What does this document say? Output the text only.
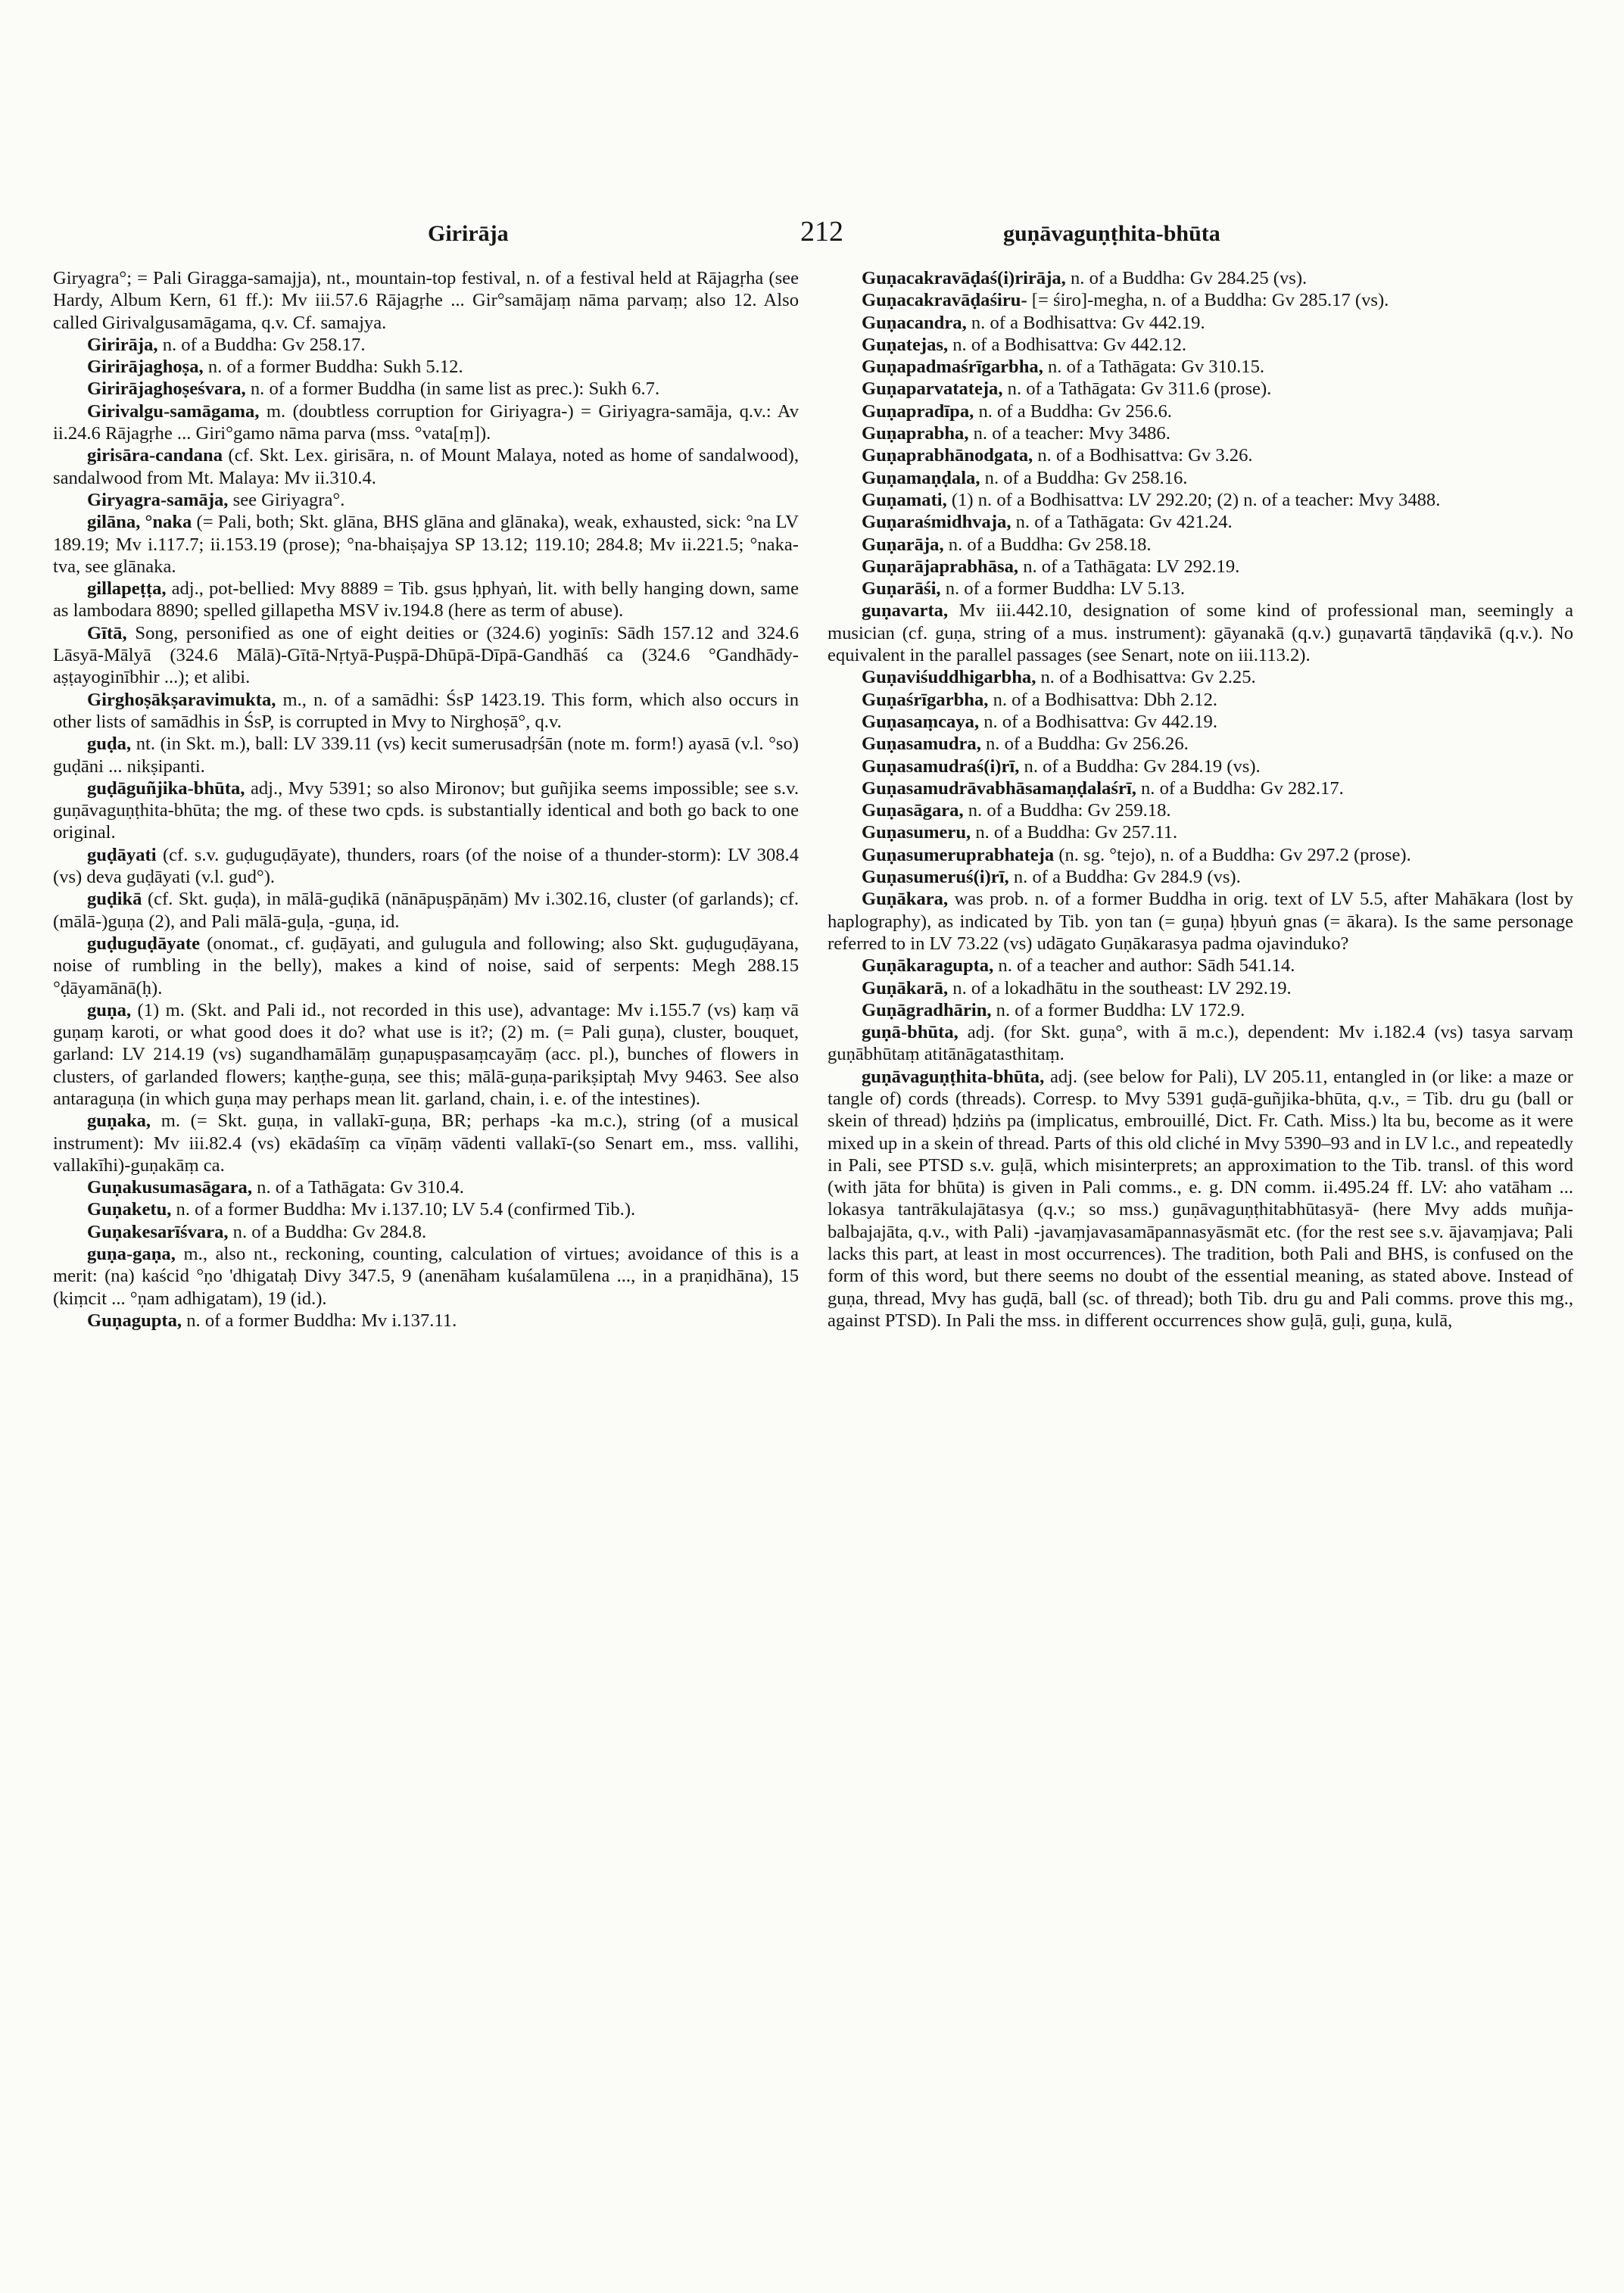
Girirāja	212	guṇāvaguṇṭhita-bhūta

Giryagra°; = Pali Giragga-samajja), nt., mountain-top festival, n. of a festival held at Rājagṛha (see Hardy, Album Kern, 61 ff.): Mv iii.57.6 Rājagṛhe ... Gir°samājaṃ nāma parvaṃ; also 12. Also called Girivalgusamāgama, q.v. Cf. samajya.

Girirāja, n. of a Buddha: Gv 258.17.

Girirājaghoṣa, n. of a former Buddha: Sukh 5.12.

Girirājaghoṣeśvara, n. of a former Buddha (in same list as prec.): Sukh 6.7.

Girivalgu-samāgama, m. (doubtless corruption for Giriyagra-) = Giriyagra-samāja, q.v.: Av ii.24.6 Rājagṛhe ... Giri°gamo nāma parva (mss. °vata[ṃ]).

girisāra-candana (cf. Skt. Lex. girisāra, n. of Mount Malaya, noted as home of sandalwood), sandalwood from Mt. Malaya: Mv ii.310.4.

Giryagra-samāja, see Giriyagra°.

gilāna, °naka (= Pali, both; Skt. glāna, BHS glāna and glānaka), weak, exhausted, sick: °na LV 189.19; Mv i.117.7; ii.153.19 (prose); °na-bhaiṣajya SP 13.12; 119.10; 284.8; Mv ii.221.5; °naka-tva, see glānaka.

gillapeṭṭa, adj., pot-bellied: Mvy 8889 = Tib. gsus ḥphyaṅ, lit. with belly hanging down, same as lambodara 8890; spelled gillapetha MSV iv.194.8 (here as term of abuse).

Gītā, Song, personified as one of eight deities or (324.6) yoginīs: Sādh 157.12 and 324.6 Lāsyā-Mālyā (324.6 Mālā)-Gītā-Nṛtyā-Puṣpā-Dhūpā-Dīpā-Gandhāś ca (324.6 °Gandhādy-aṣṭayoginībhir ...); et alibi.

Girghoṣākṣaravimukta, m., n. of a samādhi: ŚsP 1423.19. This form, which also occurs in other lists of samādhis in ŚsP, is corrupted in Mvy to Nirghoṣā°, q.v.

guḍa, nt. (in Skt. m.), ball: LV 339.11 (vs) kecit sumerusadṛśān (note m. form!) ayasā (v.l. °so) guḍāni ... nikṣipanti.

guḍāguñjika-bhūta, adj., Mvy 5391; so also Mironov; but guñjika seems impossible; see s.v. guṇāvaguṇṭhita-bhūta; the mg. of these two cpds. is substantially identical and both go back to one original.

guḍāyati (cf. s.v. guḍuguḍāyate), thunders, roars (of the noise of a thunder-storm): LV 308.4 (vs) deva guḍāyati (v.l. gud°).

guḍikā (cf. Skt. guḍa), in mālā-guḍikā (nānāpuṣpāṇām) Mv i.302.16, cluster (of garlands); cf. (mālā-)guṇa (2), and Pali mālā-guḷa, -guṇa, id.

guḍuguḍāyate (onomat., cf. guḍāyati, and gulugula and following; also Skt. guḍuguḍāyana, noise of rumbling in the belly), makes a kind of noise, said of serpents: Megh 288.15 °ḍāyamānā(ḥ).

guṇa, (1) m. (Skt. and Pali id., not recorded in this use), advantage: Mv i.155.7 (vs) kaṃ vā guṇaṃ karoti, or what good does it do? what use is it?; (2) m. (= Pali guṇa), cluster, bouquet, garland: LV 214.19 (vs) sugandhamālāṃ guṇapuṣpasaṃcayāṃ (acc. pl.), bunches of flowers in clusters, of garlanded flowers; kaṇṭhe-guṇa, see this; mālā-guṇa-parikṣiptaḥ Mvy 9463. See also antaraguṇa (in which guṇa may perhaps mean lit. garland, chain, i. e. of the intestines).

guṇaka, m. (= Skt. guṇa, in vallakī-guṇa, BR; perhaps -ka m.c.), string (of a musical instrument): Mv iii.82.4 (vs) ekādaśīṃ ca vīṇāṃ vādenti vallakī-(so Senart em., mss. vallihi, vallakīhi)-guṇakāṃ ca.

Guṇakusumasāgara, n. of a Tathāgata: Gv 310.4.

Guṇaketu, n. of a former Buddha: Mv i.137.10; LV 5.4 (confirmed Tib.).

Guṇakesarīśvara, n. of a Buddha: Gv 284.8.

guṇa-gaṇa, m., also nt., reckoning, counting, calculation of virtues; avoidance of this is a merit: (na) kaścid °ṇo 'dhigataḥ Divy 347.5, 9 (anenāham kuśalamūlena ..., in a praṇidhāna), 15 (kiṃcit ... °ṇam adhigatam), 19 (id.).

Guṇagupta, n. of a former Buddha: Mv i.137.11.

Guṇacakravāḍaś(i)rirāja, n. of a Buddha: Gv 284.25 (vs).

Guṇacakravāḍaśiru- [= śiro]-megha, n. of a Buddha: Gv 285.17 (vs).

Guṇacandra, n. of a Bodhisattva: Gv 442.19.

Guṇatejas, n. of a Bodhisattva: Gv 442.12.

Guṇapadmaśrīgarbha, n. of a Tathāgata: Gv 310.15.

Guṇaparvatateja, n. of a Tathāgata: Gv 311.6 (prose).

Guṇapradīpa, n. of a Buddha: Gv 256.6.

Guṇaprabha, n. of a teacher: Mvy 3486.

Guṇaprabhānodgata, n. of a Bodhisattva: Gv 3.26.

Guṇamaṇḍala, n. of a Buddha: Gv 258.16.

Guṇamati, (1) n. of a Bodhisattva: LV 292.20; (2) n. of a teacher: Mvy 3488.

Guṇaraśmidhvaja, n. of a Tathāgata: Gv 421.24.

Guṇarāja, n. of a Buddha: Gv 258.18.

Guṇarājaprabhāsa, n. of a Tathāgata: LV 292.19.

Guṇarāśi, n. of a former Buddha: LV 5.13.

guṇavarta, Mv iii.442.10, designation of some kind of professional man, seemingly a musician (cf. guṇa, string of a mus. instrument): gāyanakā (q.v.) guṇavartā tāṇḍavikā (q.v.). No equivalent in the parallel passages (see Senart, note on iii.113.2).

Guṇaviśuddhigarbha, n. of a Bodhisattva: Gv 2.25.

Guṇaśrīgarbha, n. of a Bodhisattva: Dbh 2.12.

Guṇasaṃcaya, n. of a Bodhisattva: Gv 442.19.

Guṇasamudra, n. of a Buddha: Gv 256.26.

Guṇasamudraś(i)rī, n. of a Buddha: Gv 284.19 (vs).

Guṇasamudrāvabhāsamaṇḍalaśrī, n. of a Buddha: Gv 282.17.

Guṇasāgara, n. of a Buddha: Gv 259.18.

Guṇasumeru, n. of a Buddha: Gv 257.11.

Guṇasumeruprabhateja (n. sg. °tejo), n. of a Buddha: Gv 297.2 (prose).

Guṇasumeruś(i)rī, n. of a Buddha: Gv 284.9 (vs).

Guṇākara, was prob. n. of a former Buddha in orig. text of LV 5.5, after Mahākara (lost by haplography), as indicated by Tib. yon tan (= guṇa) ḥbyuṅ gnas (= ākara). Is the same personage referred to in LV 73.22 (vs) udāgato Guṇākarasya padma ojavinduko?

Guṇākaragupta, n. of a teacher and author: Sādh 541.14.

Guṇākarā, n. of a lokadhātu in the southeast: LV 292.19.

Guṇāgradhārin, n. of a former Buddha: LV 172.9.

guṇā-bhūta, adj. (for Skt. guṇa°, with ā m.c.), dependent: Mv i.182.4 (vs) tasya sarvaṃ guṇābhūtaṃ atitānāgatasthitaṃ.

guṇāvaguṇṭhita-bhūta, adj. (see below for Pali), LV 205.11, entangled in (or like: a maze or tangle of) cords (threads). Corresp. to Mvy 5391 guḍā-guñjika-bhūta, q.v., = Tib. dru gu (ball or skein of thread) ḥdziṅs pa (implicatus, embrouillé, Dict. Fr. Cath. Miss.) lta bu, become as it were mixed up in a skein of thread. Parts of this old cliché in Mvy 5390–93 and in LV l.c., and repeatedly in Pali, see PTSD s.v. guḷā, which misinterprets; an approximation to the Tib. transl. of this word (with jāta for bhūta) is given in Pali comms., e. g. DN comm. ii.495.24 ff. LV: aho vatāham ... lokasya tantrākulajātasya (q.v.; so mss.) guṇāvaguṇṭhitabhūtasyā- (here Mvy adds muñja-balbajajāta, q.v., with Pali) -javaṃjavasamāpannasyāsmāt etc. (for the rest see s.v. ājavaṃjava; Pali lacks this part, at least in most occurrences). The tradition, both Pali and BHS, is confused on the form of this word, but there seems no doubt of the essential meaning, as stated above. Instead of guṇa, thread, Mvy has guḍā, ball (sc. of thread); both Tib. dru gu and Pali comms. prove this mg., against PTSD). In Pali the mss. in different occurrences show guḷā, guḷi, guṇa, kulā,
